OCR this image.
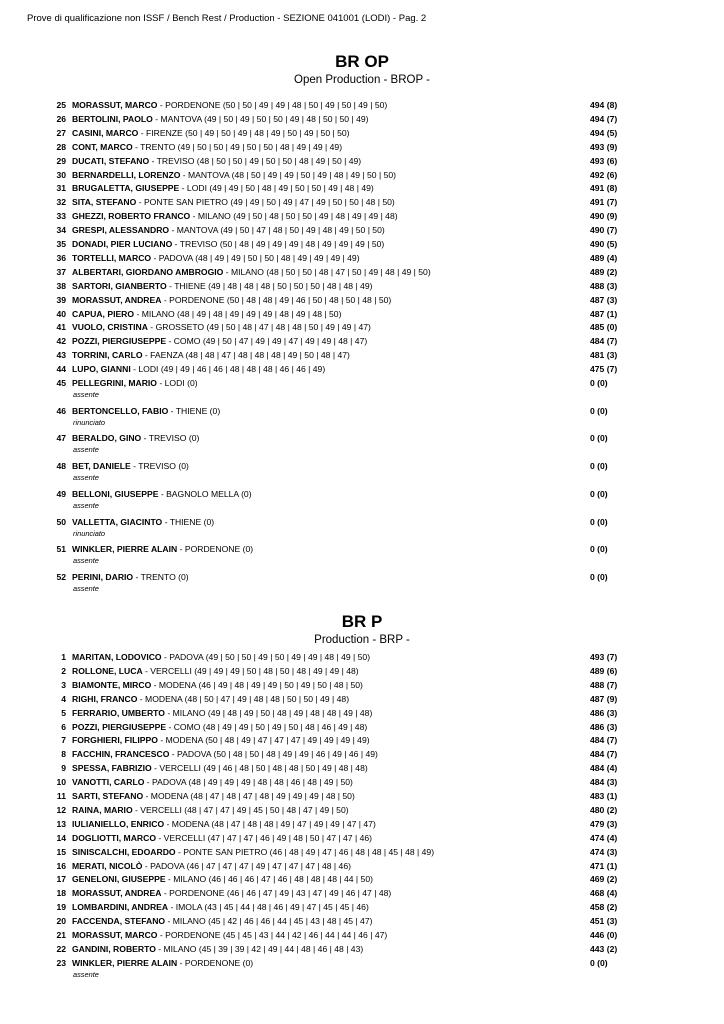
Prove di qualificazione non ISSF / Bench Rest / Production - SEZIONE 041001 (LODI) - Pag. 2
BR OP
Open Production - BROP -
25 MORASSUT, MARCO - PORDENONE (50 | 50 | 49 | 49 | 48 | 50 | 49 | 50 | 49 | 50)	494 (8)
26 BERTOLINI, PAOLO - MANTOVA (49 | 50 | 49 | 50 | 50 | 49 | 48 | 50 | 50 | 49)	494 (7)
27 CASINI, MARCO - FIRENZE (50 | 49 | 50 | 49 | 48 | 49 | 50 | 49 | 50 | 50)	494 (5)
28 CONT, MARCO - TRENTO (49 | 50 | 50 | 49 | 50 | 50 | 48 | 49 | 49 | 49)	493 (9)
29 DUCATI, STEFANO - TREVISO (48 | 50 | 50 | 49 | 50 | 50 | 48 | 49 | 50 | 49)	493 (6)
30 BERNARDELLI, LORENZO - MANTOVA (48 | 50 | 49 | 49 | 50 | 49 | 48 | 49 | 50 | 50)	492 (6)
31 BRUGALETTA, GIUSEPPE - LODI (49 | 49 | 50 | 48 | 49 | 50 | 50 | 49 | 48 | 49)	491 (8)
32 SITA, STEFANO - PONTE SAN PIETRO (49 | 49 | 50 | 49 | 47 | 49 | 50 | 50 | 48 | 50)	491 (7)
33 GHEZZI, ROBERTO FRANCO - MILANO (49 | 50 | 48 | 50 | 50 | 49 | 48 | 49 | 49 | 48)	490 (9)
34 GRESPI, ALESSANDRO - MANTOVA (49 | 50 | 47 | 48 | 50 | 49 | 48 | 49 | 50 | 50)	490 (7)
35 DONADI, PIER LUCIANO - TREVISO (50 | 48 | 49 | 49 | 49 | 48 | 49 | 49 | 49 | 50)	490 (5)
36 TORTELLI, MARCO - PADOVA (48 | 49 | 49 | 50 | 50 | 48 | 49 | 49 | 49 | 49)	489 (4)
37 ALBERTARI, GIORDANO AMBROGIO - MILANO (48 | 50 | 50 | 48 | 47 | 50 | 49 | 48 | 49 | 50)	489 (2)
38 SARTORI, GIANBERTO - THIENE (49 | 48 | 48 | 48 | 50 | 50 | 50 | 48 | 48 | 49)	488 (3)
39 MORASSUT, ANDREA - PORDENONE (50 | 48 | 48 | 49 | 46 | 50 | 48 | 50 | 48 | 50)	487 (3)
40 CAPUA, PIERO - MILANO (48 | 49 | 48 | 49 | 49 | 49 | 48 | 49 | 48 | 50)	487 (1)
41 VUOLO, CRISTINA - GROSSETO (49 | 50 | 48 | 47 | 48 | 48 | 50 | 49 | 49 | 47)	485 (0)
42 POZZI, PIERGIUSEPPE - COMO (49 | 50 | 47 | 49 | 49 | 47 | 49 | 49 | 48 | 47)	484 (7)
43 TORRINI, CARLO - FAENZA (48 | 48 | 47 | 48 | 48 | 48 | 49 | 50 | 48 | 47)	481 (3)
44 LUPO, GIANNI - LODI (49 | 49 | 46 | 46 | 48 | 48 | 48 | 46 | 46 | 49)	475 (7)
45 PELLEGRINI, MARIO - LODI (0)	0 (0)
assente
46 BERTONCELLO, FABIO - THIENE (0)	0 (0)
rinunciato
47 BERALDO, GINO - TREVISO (0)	0 (0)
assente
48 BET, DANIELE - TREVISO (0)	0 (0)
assente
49 BELLONI, GIUSEPPE - BAGNOLO MELLA (0)	0 (0)
assente
50 VALLETTA, GIACINTO - THIENE (0)	0 (0)
rinunciato
51 WINKLER, PIERRE ALAIN - PORDENONE (0)	0 (0)
assente
52 PERINI, DARIO - TRENTO (0)	0 (0)
assente
BR P
Production - BRP -
1 MARITAN, LODOVICO - PADOVA (49 | 50 | 50 | 49 | 50 | 49 | 49 | 48 | 49 | 50)	493 (7)
2 ROLLONE, LUCA - VERCELLI (49 | 49 | 49 | 50 | 48 | 50 | 48 | 49 | 49 | 48)	489 (6)
3 BIAMONTE, MIRCO - MODENA (46 | 49 | 48 | 49 | 49 | 50 | 49 | 50 | 48 | 50)	488 (7)
4 RIGHI, FRANCO - MODENA (48 | 50 | 47 | 49 | 48 | 48 | 50 | 50 | 49 | 48)	487 (9)
5 FERRARIO, UMBERTO - MILANO (49 | 48 | 49 | 50 | 48 | 49 | 48 | 48 | 49 | 48)	486 (3)
6 POZZI, PIERGIUSEPPE - COMO (48 | 49 | 49 | 50 | 49 | 50 | 48 | 46 | 49 | 48)	486 (3)
7 FORGHIERI, FILIPPO - MODENA (50 | 48 | 49 | 47 | 47 | 47 | 49 | 49 | 49 | 49)	484 (7)
8 FACCHIN, FRANCESCO - PADOVA (50 | 48 | 50 | 48 | 49 | 49 | 46 | 49 | 46 | 49)	484 (7)
9 SPESSA, FABRIZIO - VERCELLI (49 | 46 | 48 | 50 | 48 | 48 | 50 | 49 | 48 | 48)	484 (4)
10 VANOTTI, CARLO - PADOVA (48 | 49 | 49 | 49 | 48 | 48 | 46 | 48 | 49 | 50)	484 (3)
11 SARTI, STEFANO - MODENA (48 | 47 | 48 | 47 | 48 | 49 | 49 | 49 | 48 | 50)	483 (1)
12 RAINA, MARIO - VERCELLI (48 | 47 | 47 | 49 | 45 | 50 | 48 | 47 | 49 | 50)	480 (2)
13 IULIANIELLO, ENRICO - MODENA (48 | 47 | 48 | 48 | 49 | 47 | 49 | 49 | 47 | 47)	479 (3)
14 DOGLIOTTI, MARCO - VERCELLI (47 | 47 | 47 | 46 | 49 | 48 | 50 | 47 | 47 | 46)	474 (4)
15 SINISCALCHI, EDOARDO - PONTE SAN PIETRO (46 | 48 | 49 | 47 | 46 | 48 | 48 | 45 | 48 | 49)	474 (3)
16 MERATI, NICOLÒ - PADOVA (46 | 47 | 47 | 47 | 49 | 47 | 47 | 47 | 48 | 46)	471 (1)
17 GENELONI, GIUSEPPE - MILANO (46 | 46 | 46 | 47 | 46 | 48 | 48 | 48 | 44 | 50)	469 (2)
18 MORASSUT, ANDREA - PORDENONE (46 | 46 | 47 | 49 | 43 | 47 | 49 | 46 | 47 | 48)	468 (4)
19 LOMBARDINI, ANDREA - IMOLA (43 | 45 | 44 | 48 | 46 | 49 | 47 | 45 | 45 | 46)	458 (2)
20 FACCENDA, STEFANO - MILANO (45 | 42 | 46 | 46 | 44 | 45 | 43 | 48 | 45 | 47)	451 (3)
21 MORASSUT, MARCO - PORDENONE (45 | 45 | 43 | 44 | 42 | 46 | 44 | 44 | 46 | 47)	446 (0)
22 GANDINI, ROBERTO - MILANO (45 | 39 | 39 | 42 | 49 | 44 | 48 | 46 | 48 | 43)	443 (2)
23 WINKLER, PIERRE ALAIN - PORDENONE (0)	0 (0)
assente
